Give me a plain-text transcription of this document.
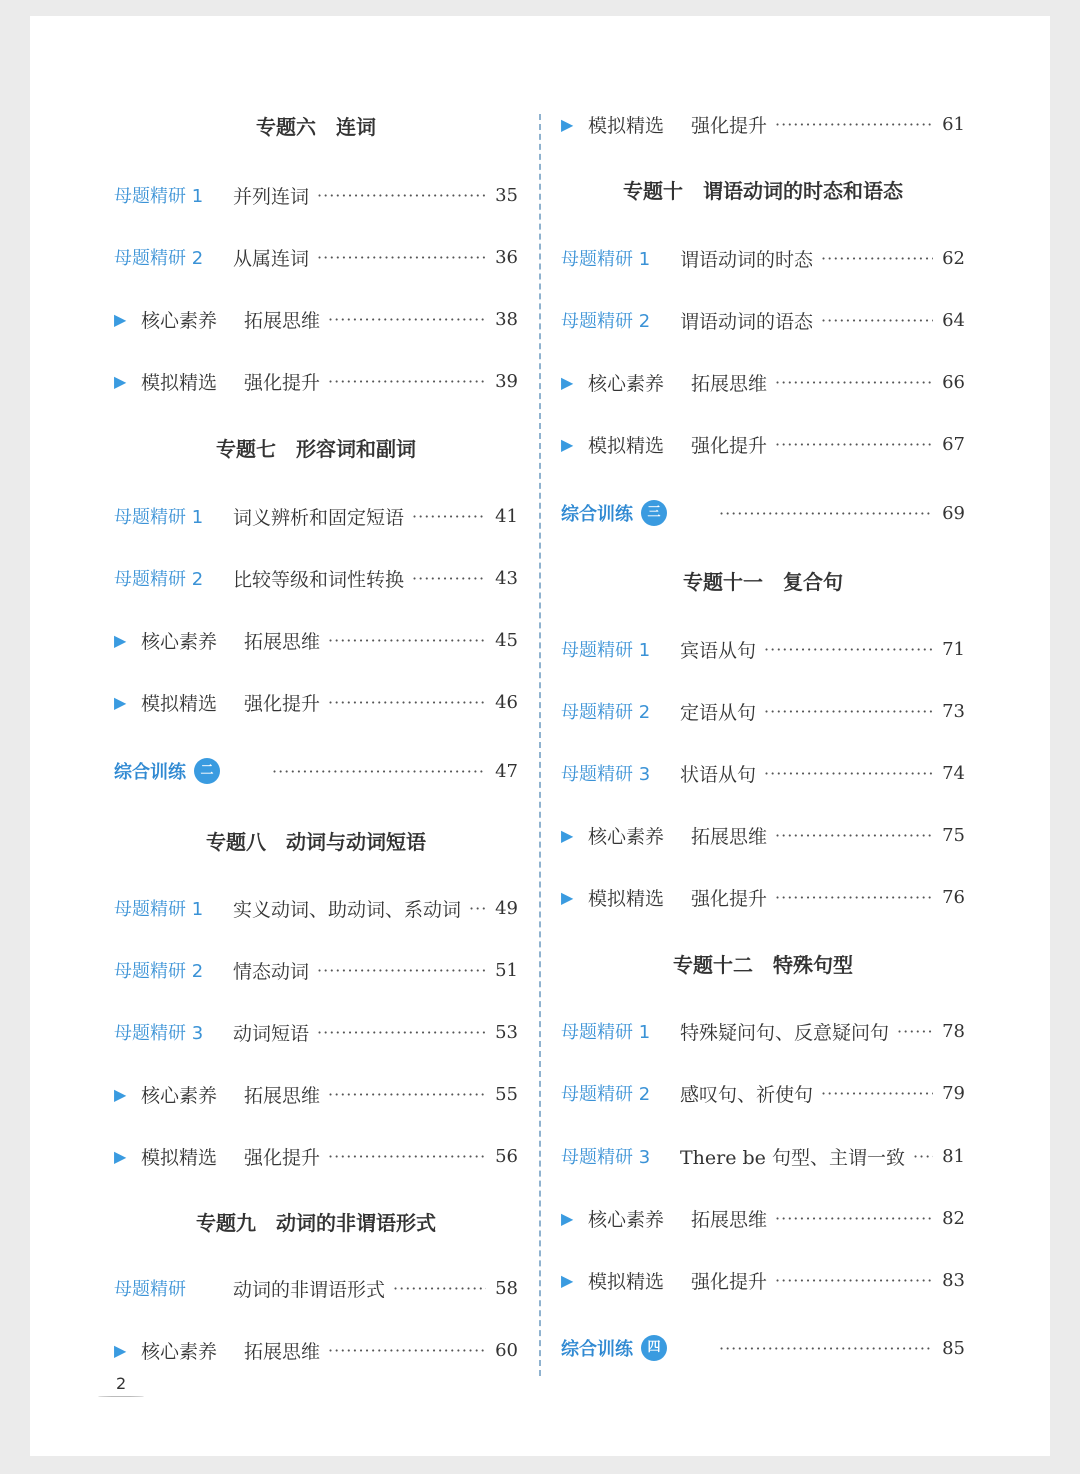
专题六　连词
母题精研 1	并列连词 ·····	35
母题精研 2	从属连词 ·····	36
▶ 核心素养	拓展思维 ·····	38
▶ 模拟精选	强化提升 ·····	39
专题七　形容词和副词
母题精研 1	词义辨析和固定短语 ·····	41
母题精研 2	比较等级和词性转换 ·····	43
▶ 核心素养	拓展思维 ·····	45
▶ 模拟精选	强化提升 ·····	46
综合训练	二 ·····	47
专题八　动词与动词短语
母题精研 1	实义动词、助动词、系动词 ····· 49
母题精研 2	情态动词 ·····	51
母题精研 3	动词短语 ·····	53
▶ 核心素养	拓展思维 ·····	55
▶ 模拟精选	强化提升 ·····	56
专题九　动词的非谓语形式
母题精研	动词的非谓语形式 ·····	58
▶ 核心素养	拓展思维 ·····	60
▶ 模拟精选	强化提升 ·····	61
专题十　谓语动词的时态和语态
母题精研 1	谓语动词的时态 ·····	62
母题精研 2	谓语动词的语态 ·····	64
▶ 核心素养	拓展思维 ·····	66
▶ 模拟精选	强化提升 ·····	67
综合训练	三 ·····	69
专题十一　复合句
母题精研 1	宾语从句 ·····	71
母题精研 2	定语从句 ·····	73
母题精研 3	状语从句 ·····	74
▶ 核心素养	拓展思维 ·····	75
▶ 模拟精选	强化提升 ·····	76
专题十二　特殊句型
母题精研 1	特殊疑问句、反意疑问句 ·····	78
母题精研 2	感叹句、祈使句 ·····	79
母题精研 3	There be 句型、主谓一致 ····· 81
▶ 核心素养	拓展思维 ·····	82
▶ 模拟精选	强化提升 ·····	83
综合训练	四 ·····	85
2
